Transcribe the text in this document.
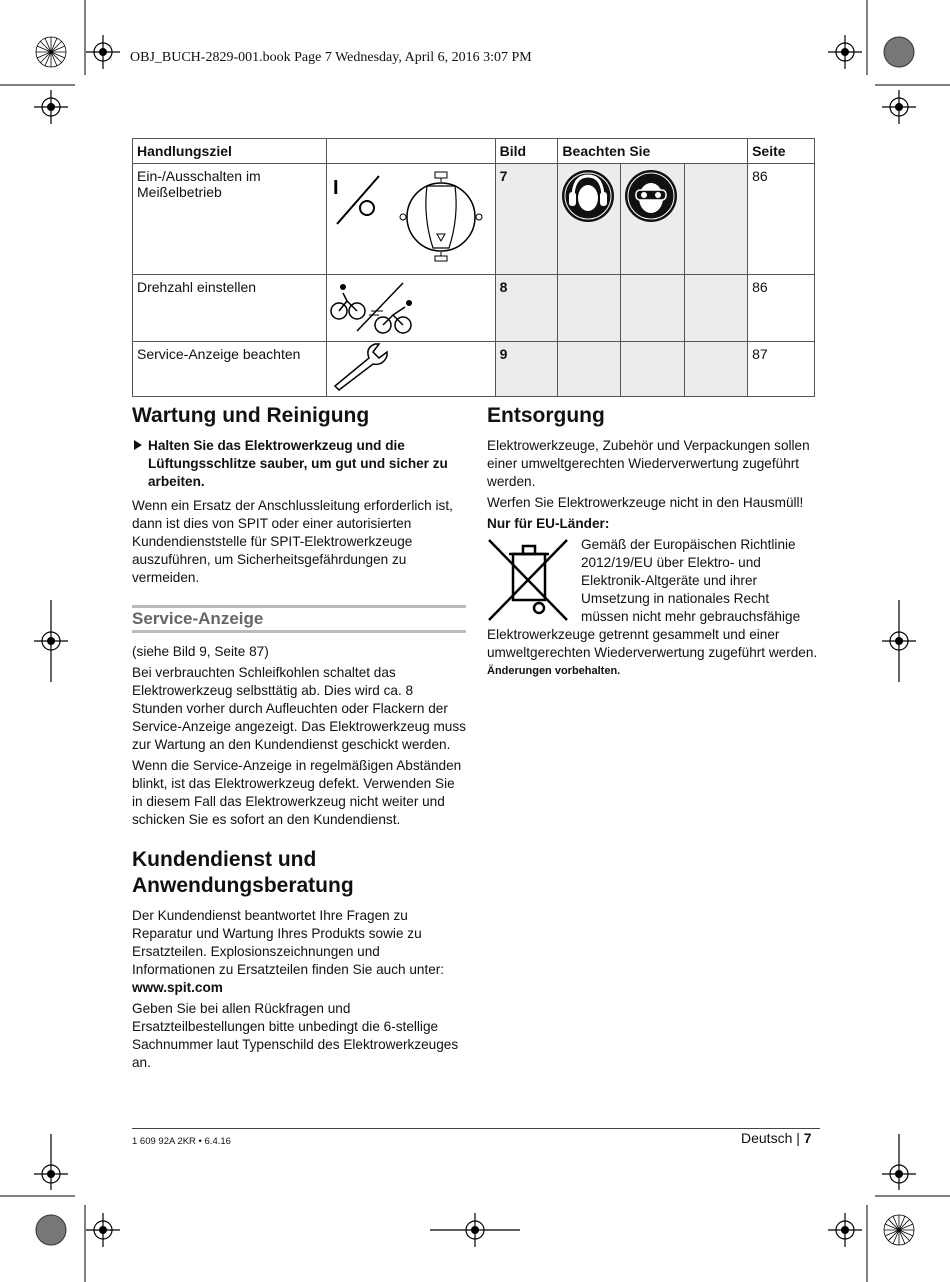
OBJ_BUCH-2829-001.book Page 7 Wednesday, April 6, 2016 3:07 PM
Handlungsziel		Bild	Beachten Sie			Seite
Ein-/Ausschalten im Meißelbetrieb	I	7				86
Drehzahl einstellen		8				86
Service-Anzeige beachten		9				87
Wartung und Reinigung
Halten Sie das Elektrowerkzeug und die Lüftungsschlitze sauber, um gut und sicher zu arbeiten.

Wenn ein Ersatz der Anschlussleitung erforderlich ist, dann ist dies von SPIT oder einer autorisierten Kundendienststelle für SPIT-Elektrowerkzeuge auszuführen, um Sicherheitsgefährdungen zu vermeiden.

Service-Anzeige

(siehe Bild 9, Seite 87)

Bei verbrauchten Schleifkohlen schaltet das Elektrowerkzeug selbsttätig ab. Dies wird ca. 8 Stunden vorher durch Aufleuchten oder Flackern der Service-Anzeige angezeigt. Das Elektrowerkzeug muss zur Wartung an den Kundendienst geschickt werden.

Wenn die Service-Anzeige in regelmäßigen Abständen blinkt, ist das Elektrowerkzeug defekt. Verwenden Sie in diesem Fall das Elektrowerkzeug nicht weiter und schicken Sie es sofort an den Kundendienst.

Kundendienst und Anwendungsberatung

Der Kundendienst beantwortet Ihre Fragen zu Reparatur und Wartung Ihres Produkts sowie zu Ersatzteilen. Explosionszeichnungen und Informationen zu Ersatzteilen finden Sie auch unter:

www.spit.com

Geben Sie bei allen Rückfragen und Ersatzteilbestellungen bitte unbedingt die 6-stellige Sachnummer laut Typenschild des Elektrowerkzeuges an.

Entsorgung

Elektrowerkzeuge, Zubehör und Verpackungen sollen einer umweltgerechten Wiederverwertung zugeführt werden.

Werfen Sie Elektrowerkzeuge nicht in den Hausmüll!

Nur für EU-Länder:

Gemäß der Europäischen Richtlinie 2012/19/EU über Elektro- und Elektronik-Altgeräte und ihrer Umsetzung in nationales Recht müssen nicht mehr gebrauchsfähige Elektrowerkzeuge getrennt gesammelt und einer umweltgerechten Wiederverwertung zugeführt werden.

Änderungen vorbehalten.

1 609 92A 2KR • 6.4.16	Deutsch | 7
